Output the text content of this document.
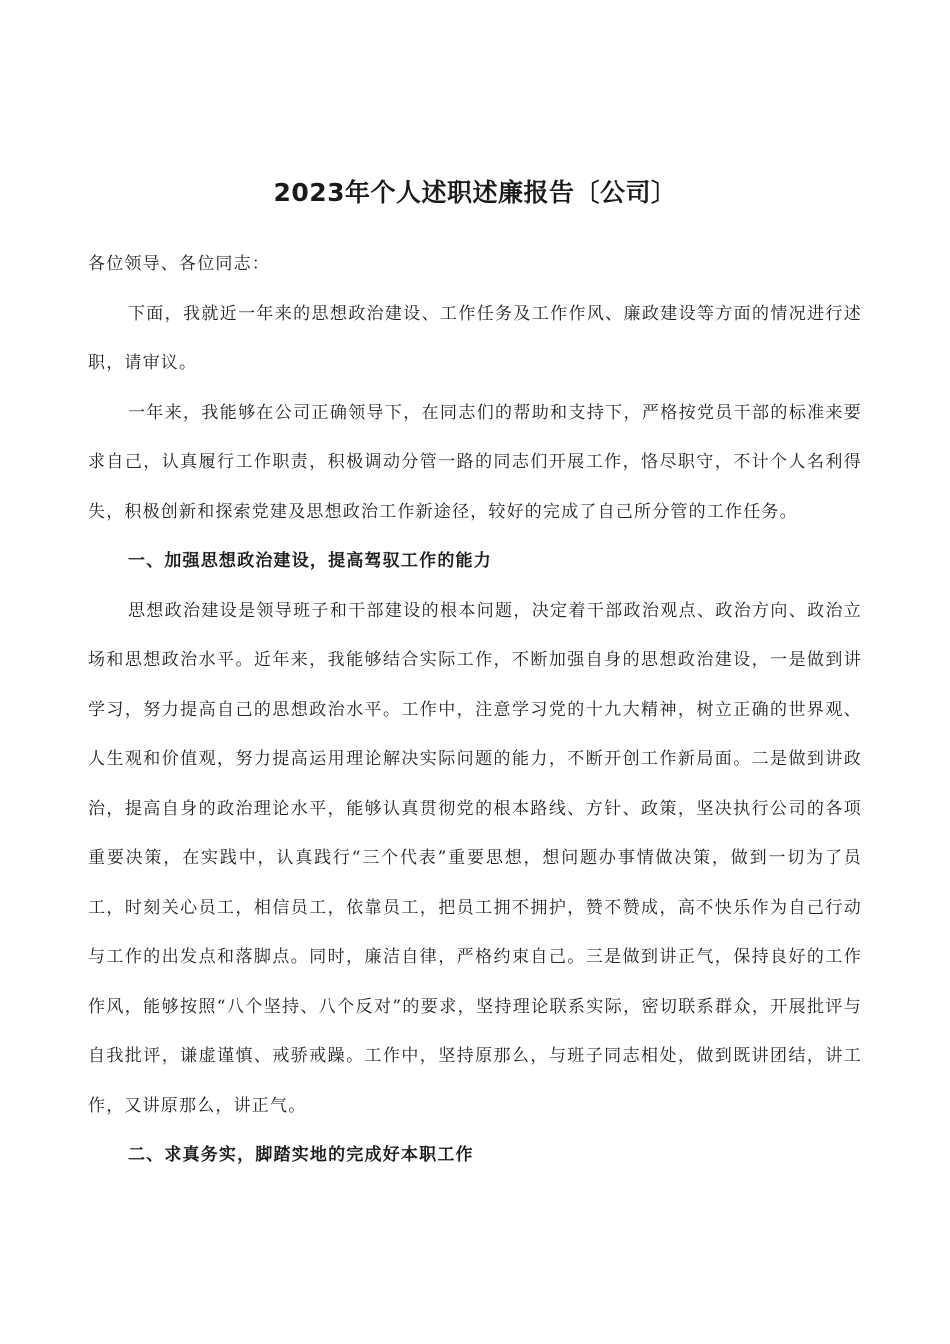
2023年个人述职述廉报告〔公司〕

各位领导、各位同志：

下面，我就近一年来的思想政治建设、工作任务及工作作风、廉政建设等方面的情况进行述职，请审议。

一年来，我能够在公司正确领导下，在同志们的帮助和支持下，严格按党员干部的标准来要求自己，认真履行工作职责，积极调动分管一路的同志们开展工作，恪尽职守，不计个人名利得失，积极创新和探索党建及思想政治工作新途径，较好的完成了自己所分管的工作任务。

一、加强思想政治建设，提高驾驭工作的能力

思想政治建设是领导班子和干部建设的根本问题，决定着干部政治观点、政治方向、政治立场和思想政治水平。近年来，我能够结合实际工作，不断加强自身的思想政治建设，一是做到讲学习，努力提高自己的思想政治水平。工作中，注意学习党的十九大精神，树立正确的世界观、人生观和价值观，努力提高运用理论解决实际问题的能力，不断开创工作新局面。二是做到讲政治，提高自身的政治理论水平，能够认真贯彻党的根本路线、方针、政策，坚决执行公司的各项重要决策，在实践中，认真践行“三个代表”重要思想，想问题办事情做决策，做到一切为了员工，时刻关心员工，相信员工，依靠员工，把员工拥不拥护，赞不赞成，高不快乐作为自己行动与工作的出发点和落脚点。同时，廉洁自律，严格约束自己。三是做到讲正气，保持良好的工作作风，能够按照“八个坚持、八个反对”的要求，坚持理论联系实际，密切联系群众，开展批评与自我批评，谦虚谨慎、戒骄戒躁。工作中，坚持原那么，与班子同志相处，做到既讲团结，讲工作，又讲原那么，讲正气。

二、求真务实，脚踏实地的完成好本职工作
